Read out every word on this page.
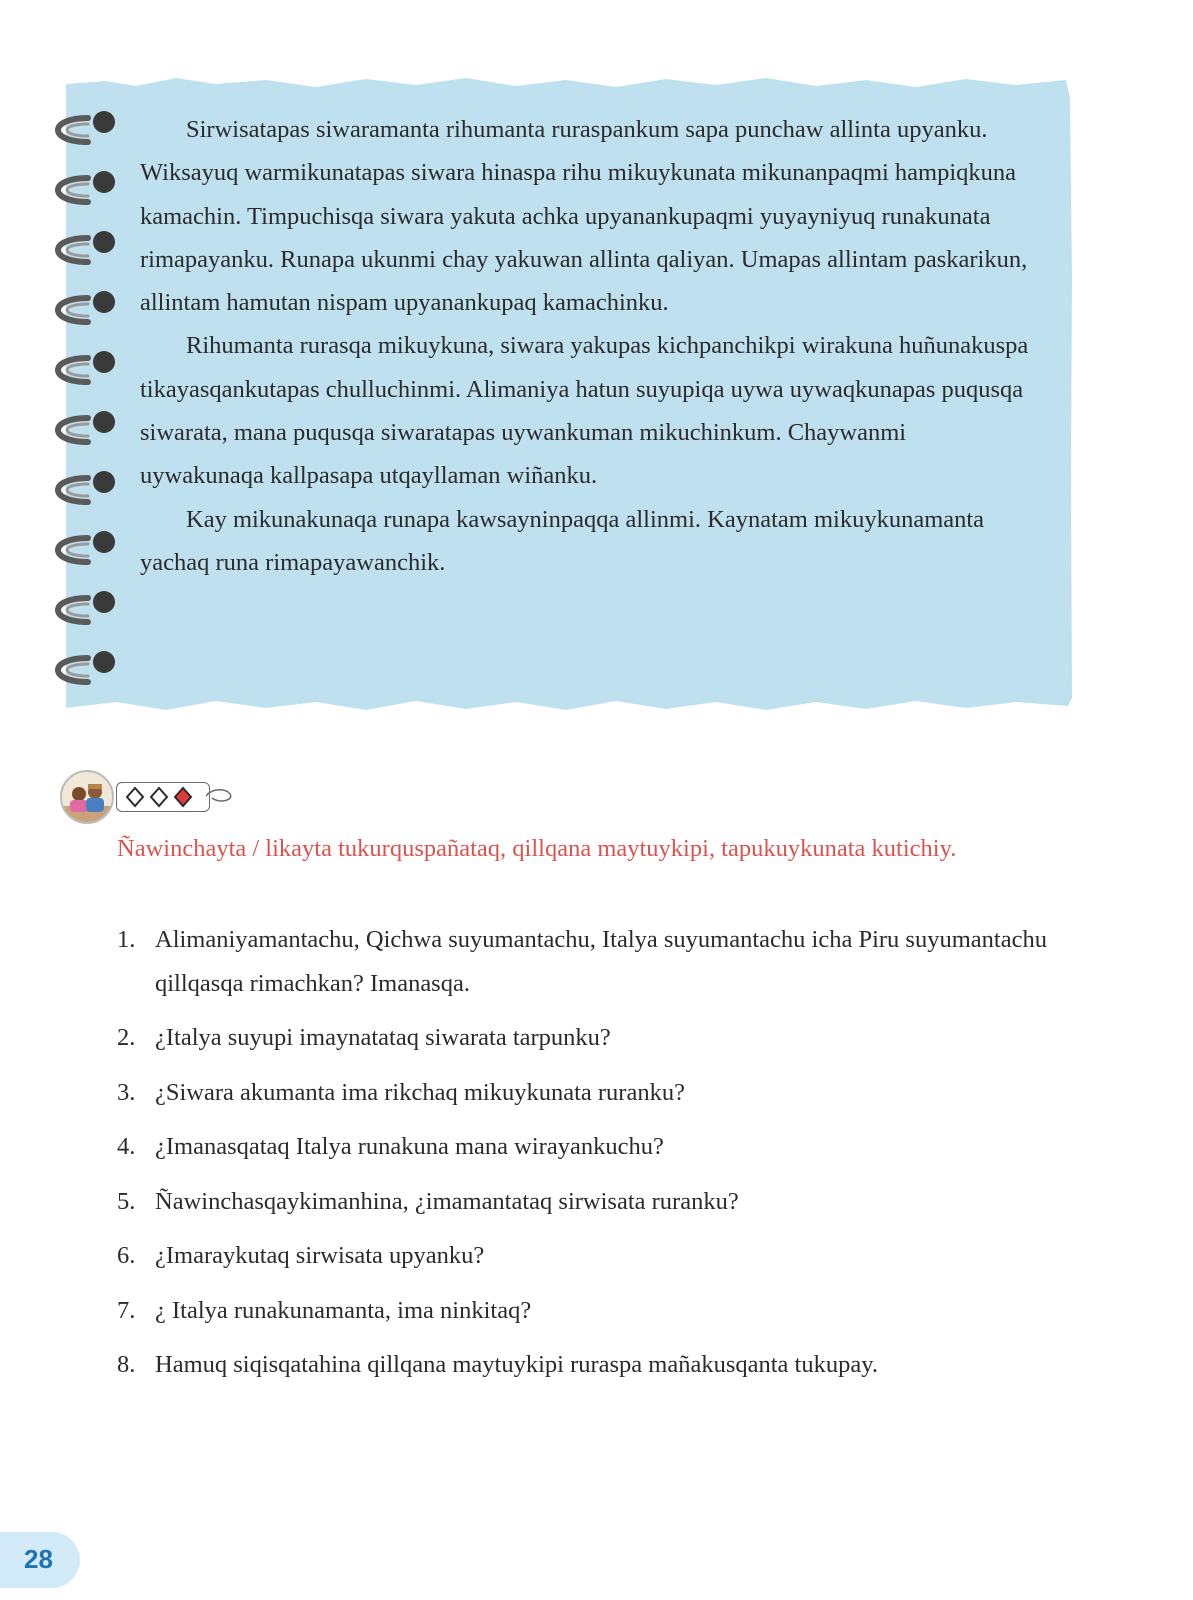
Sirwisatapas siwaramanta rihumanta ruraspankum sapa punchaw allinta upyanku. Wiksayuq warmikunatapas siwara hinaspa rihu mikuykunata mikunanpaqmi hampiqkuna kamachin. Timpuchisqa siwara yakuta achka upyanankupaqmi yuyayniyuq runakunata rimapayanku. Runapa ukunmi chay yakuwan allinta qaliyan. Umapas allintam paskarikun, allintam hamutan nispam upyanankupaq kamachinku.

Rihumanta rurasqa mikuykuna, siwara yakupas kichpanchikpi wirakuna huñunakuspa tikayasqankutapas chulluchinmi. Alimaniya hatun suyupiqa uywa uywaqkunapas puqusqa siwarata, mana puqusqa siwaratapas uywankuman mikuchinkum. Chaywanmi uywakunaqa kallpasapa utqayllaman wiñanku.

Kay mikunakunaqa runapa kawsayninpaqqa allinmi. Kaynatam mikuykunamanta yachaq runa rimapayawanchik.

Ñawinchayta / likayta tukurquspañataq, qillqana maytuykipi, tapukuykunata kutichiy.

1. Alimaniyamantachu, Qichwa suyumantachu, Italya suyumantachu icha Piru suyumantachu qillqasqa rimachkan? Imanasqa.
2. ¿Italya suyupi imaynatataq siwarata tarpunku?
3. ¿Siwara akumanta ima rikchaq mikuykunata ruranku?
4. ¿Imanasqataq Italya runakuna mana wirayankuchu?
5. Ñawinchasqaykimanhina, ¿imamantataq sirwisata ruranku?
6. ¿Imaraykutaq sirwisata upyanku?
7. ¿ Italya runakunamanta, ima ninkitaq?
8. Hamuq siqisqatahina qillqana maytuykipi ruraspa mañakusqanta tukupay.
28
